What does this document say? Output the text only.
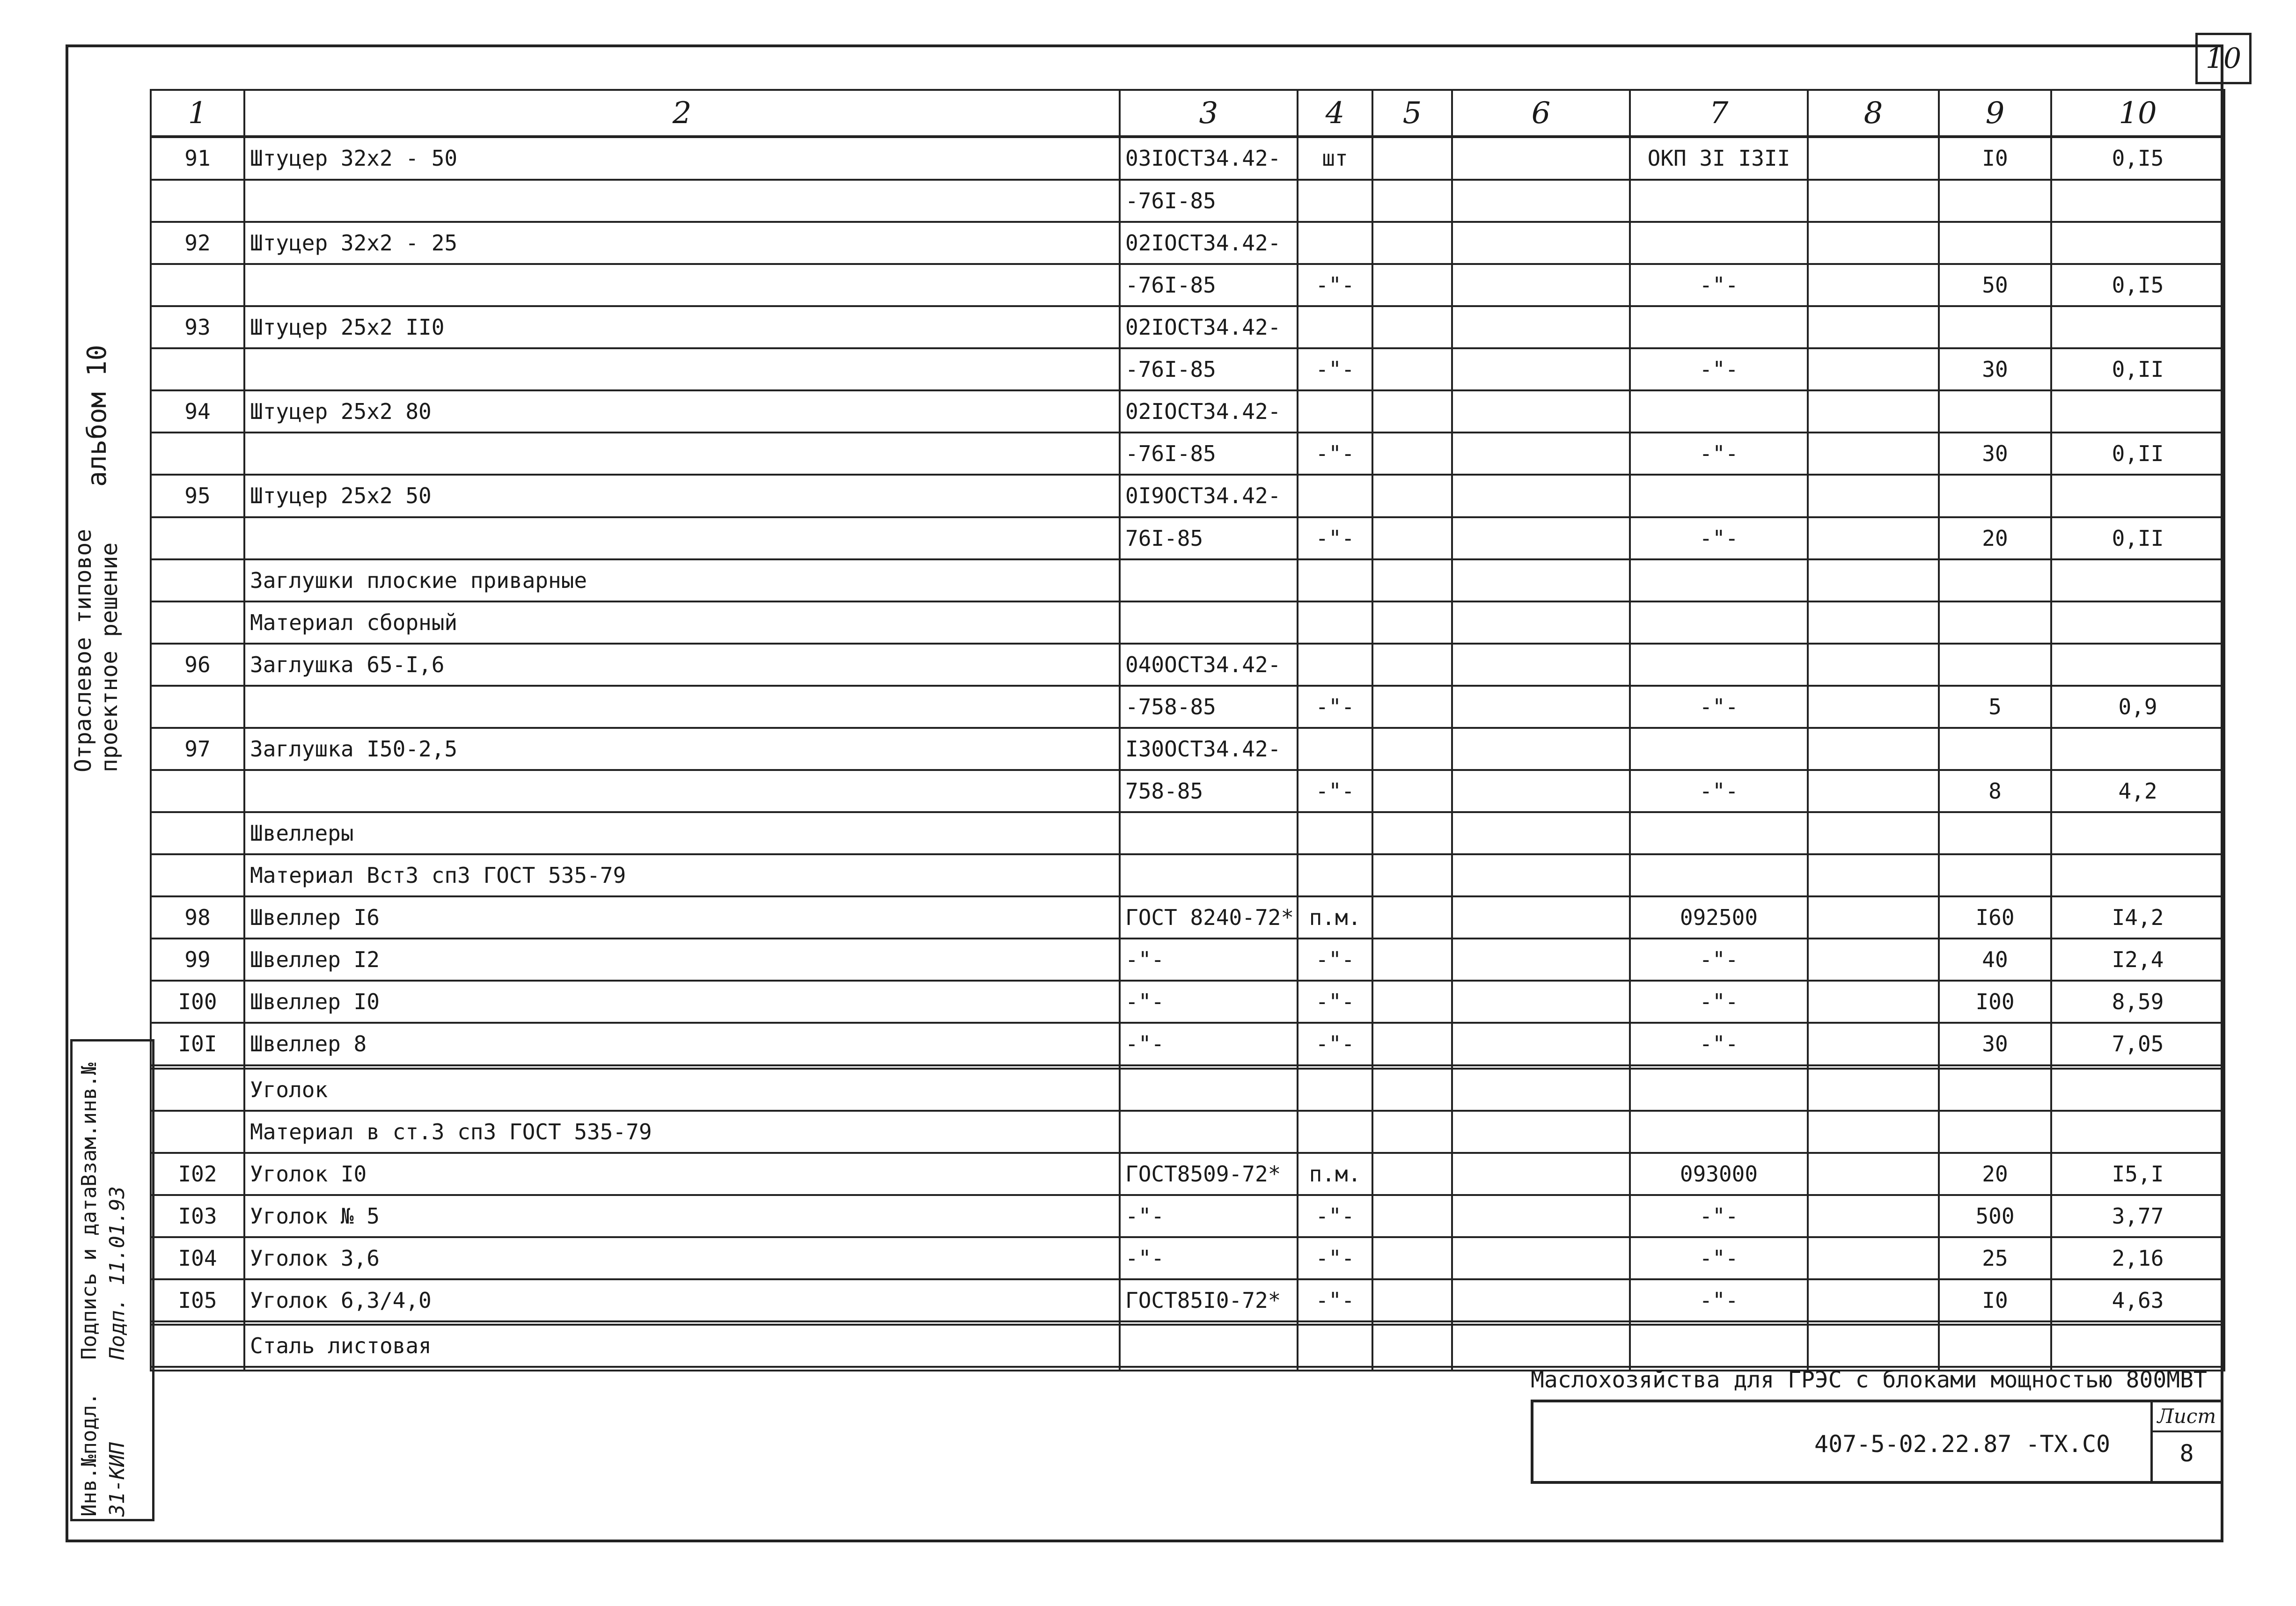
10
альбом 10
Отраслевое типовое проектное решение
Инв.№подл.
Подпись и дата
Взам.инв.№
31-КИП
Подп. 11.01.93
1	2	3	4	5	6	7	8	9	10
91	Штуцер 32х2 - 50	03IОСТ34.42-	шт			ОКП 3I I3II		I0	0,I5
		-76I-85							
92	Штуцер 32х2 - 25	02IОСТ34.42-							
		-76I-85	-"-			-"-		50	0,I5
93	Штуцер 25х2 II0	02IОСТ34.42-							
		-76I-85	-"-			-"-		30	0,II
94	Штуцер 25х2 80	02IОСТ34.42-							
		-76I-85	-"-			-"-		30	0,II
95	Штуцер 25х2 50	0I9ОСТ34.42-							
		76I-85	-"-			-"-		20	0,II
	Заглушки плоские приварные								
	Материал сборный								
96	Заглушка 65-I,6	040ОСТ34.42-							
		-758-85	-"-			-"-		5	0,9
97	Заглушка I50-2,5	I30ОСТ34.42-							
		758-85	-"-			-"-		8	4,2
	Швеллеры								
	Материал ВстЗ сп3 ГОСТ 535-79								
98	Швеллер I6	ГОСТ 8240-72*	п.м.			092500		I60	I4,2
99	Швеллер I2	-"-	-"-			-"-		40	I2,4
I00	Швеллер I0	-"-	-"-			-"-		I00	8,59
I0I	Швеллер 8	-"-	-"-			-"-		30	7,05

	Уголок								
	Материал в ст.3 сп3 ГОСТ 535-79								
I02	Уголок I0	ГОСТ8509-72*	п.м.			093000		20	I5,I
I03	Уголок № 5	-"-	-"-			-"-		500	3,77
I04	Уголок 3,6	-"-	-"-			-"-		25	2,16
I05	Уголок 6,3/4,0	ГОСТ85I0-72*	-"-			-"-		I0	4,63

	Сталь листовая								

Маслохозяйства для ГРЭС с блоками мощностью 800МВТ
407-5-02.22.87 -ТХ.С0
Лист
8
